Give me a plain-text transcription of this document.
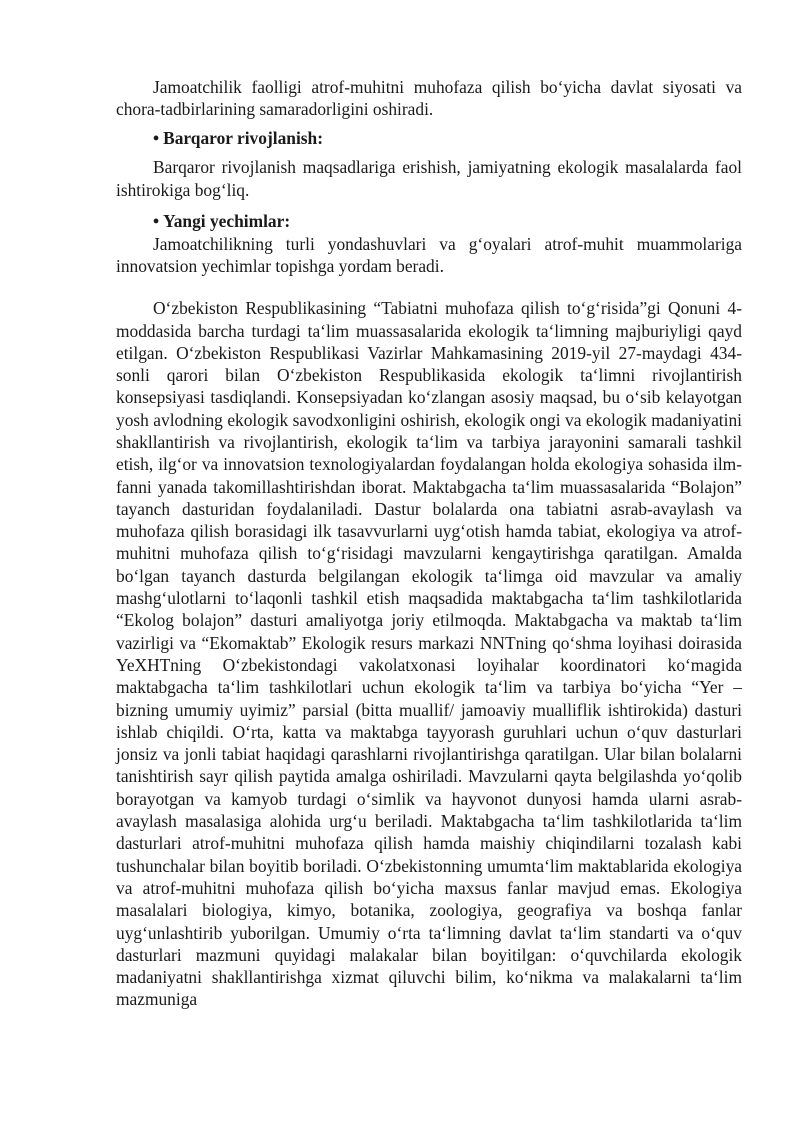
Jamoatchilik faolligi atrof-muhitni muhofaza qilish bo‘yicha davlat siyosati va chora-tadbirlarining samaradorligini oshiradi.

• Barqaror rivojlanish:

Barqaror rivojlanish maqsadlariga erishish, jamiyatning ekologik masalalarda faol ishtirokiga bog‘liq.

• Yangi yechimlar:

Jamoatchilikning turli yondashuvlari va g‘oyalari atrof-muhit muammolariga innovatsion yechimlar topishga yordam beradi.

O‘zbekiston Respublikasining “Tabiatni muhofaza qilish to‘g‘risida”gi Qonuni 4-moddasida barcha turdagi ta‘lim muassasalarida ekologik ta‘limning majburiyligi qayd etilgan. O‘zbekiston Respublikasi Vazirlar Mahkamasining 2019-yil 27-maydagi 434-sonli qarori bilan O‘zbekiston Respublikasida ekologik ta‘limni rivojlantirish konsepsiyasi tasdiqlandi. Konsepsiyadan ko‘zlangan asosiy maqsad, bu o‘sib kelayotgan yosh avlodning ekologik savodxonligini oshirish, ekologik ongi va ekologik madaniyatini shakllantirish va rivojlantirish, ekologik ta‘lim va tarbiya jarayonini samarali tashkil etish, ilg‘or va innovatsion texnologiyalardan foydalangan holda ekologiya sohasida ilm-fanni yanada takomillashtirishdan iborat. Maktabgacha ta‘lim muassasalarida “Bolajon” tayanch dasturidan foydalaniladi. Dastur bolalarda ona tabiatni asrab-avaylash va muhofaza qilish borasidagi ilk tasavvurlarni uyg‘otish hamda tabiat, ekologiya va atrof-muhitni muhofaza qilish to‘g‘risidagi mavzularni kengaytirishga qaratilgan. Amalda bo‘lgan tayanch dasturda belgilangan ekologik ta‘limga oid mavzular va amaliy mashg‘ulotlarni to‘laqonli tashkil etish maqsadida maktabgacha ta‘lim tashkilotlarida “Ekolog bolajon” dasturi amaliyotga joriy etilmoqda. Maktabgacha va maktab ta‘lim vazirligi va “Ekomaktab” Ekologik resurs markazi NNTning qo‘shma loyihasi doirasida YeXHTning O‘zbekistondagi vakolatxonasi loyihalar koordinatori ko‘magida maktabgacha ta‘lim tashkilotlari uchun ekologik ta‘lim va tarbiya bo‘yicha “Yer – bizning umumiy uyimiz” parsial (bitta muallif/ jamoaviy mualliflik ishtirokida) dasturi ishlab chiqildi. O‘rta, katta va maktabga tayyorash guruhlari uchun o‘quv dasturlari jonsiz va jonli tabiat haqidagi qarashlarni rivojlantirishga qaratilgan. Ular bilan bolalarni tanishtirish sayr qilish paytida amalga oshiriladi. Mavzularni qayta belgilashda yo‘qolib borayotgan va kamyob turdagi o‘simlik va hayvonot dunyosi hamda ularni asrab-avaylash masalasiga alohida urg‘u beriladi. Maktabgacha ta‘lim tashkilotlarida ta‘lim dasturlari atrof-muhitni muhofaza qilish hamda maishiy chiqindilarni tozalash kabi tushunchalar bilan boyitib boriladi. O‘zbekistonning umumta‘lim maktablarida ekologiya va atrof-muhitni muhofaza qilish bo‘yicha maxsus fanlar mavjud emas. Ekologiya masalalari biologiya, kimyo, botanika, zoologiya, geografiya va boshqa fanlar uyg‘unlashtirib yuborilgan. Umumiy o‘rta ta‘limning davlat ta‘lim standarti va o‘quv dasturlari mazmuni quyidagi malakalar bilan boyitilgan: o‘quvchilarda ekologik madaniyatni shakllantirishga xizmat qiluvchi bilim, ko‘nikma va malakalarni ta‘lim mazmuniga
